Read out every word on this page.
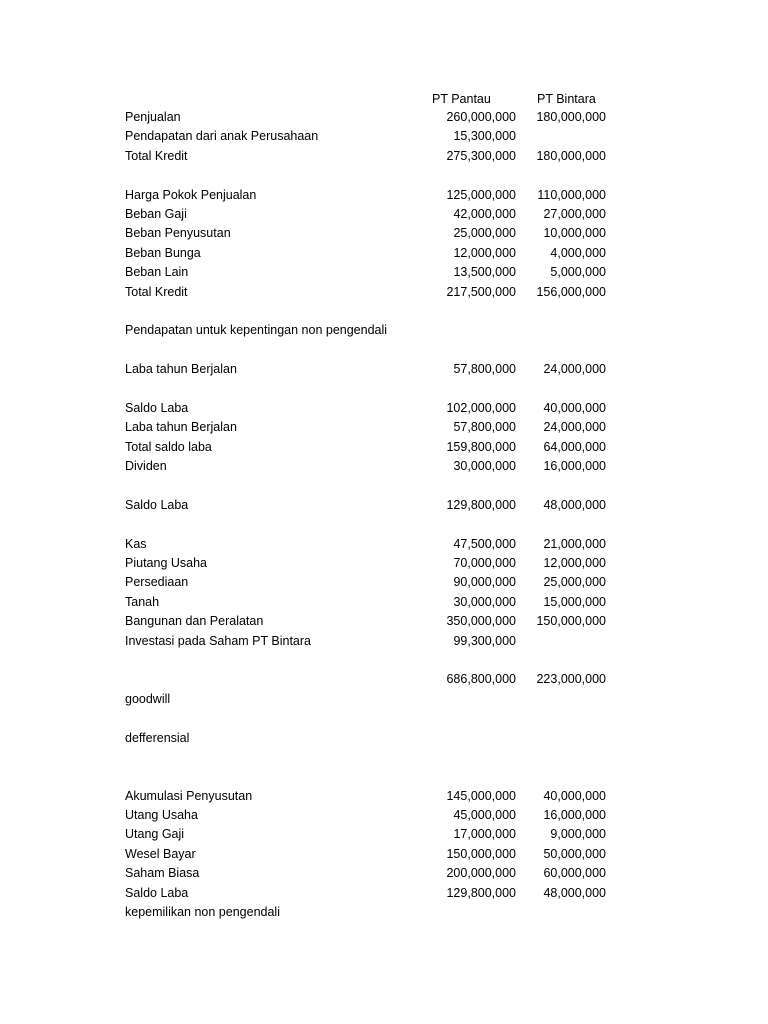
PT Pantau	PT Bintara
Penjualan	260,000,000 180,000,000
Pendapatan dari anak Perusahaan	15,300,000
Total Kredit	275,300,000 180,000,000
Harga Pokok Penjualan	125,000,000 110,000,000
Beban Gaji	42,000,000 27,000,000
Beban Penyusutan	25,000,000 10,000,000
Beban Bunga	12,000,000	4,000,000
Beban Lain	13,500,000	5,000,000
Total Kredit	217,500,000 156,000,000
Pendapatan untuk kepentingan non pengendali
Laba tahun Berjalan	57,800,000 24,000,000
Saldo Laba	102,000,000 40,000,000
Laba tahun Berjalan	57,800,000 24,000,000
Total saldo laba	159,800,000 64,000,000
Dividen	30,000,000 16,000,000
Saldo Laba	129,800,000 48,000,000
Kas	47,500,000 21,000,000
Piutang Usaha	70,000,000 12,000,000
Persediaan	90,000,000 25,000,000
Tanah	30,000,000 15,000,000
Bangunan dan Peralatan	350,000,000 150,000,000
Investasi pada Saham PT Bintara	99,300,000
686,800,000 223,000,000
goodwill
defferensial
Akumulasi Penyusutan	145,000,000 40,000,000
Utang Usaha	45,000,000 16,000,000
Utang Gaji	17,000,000	9,000,000
Wesel Bayar	150,000,000 50,000,000
Saham Biasa	200,000,000 60,000,000
Saldo Laba	129,800,000 48,000,000
kepemilikan non pengendali
